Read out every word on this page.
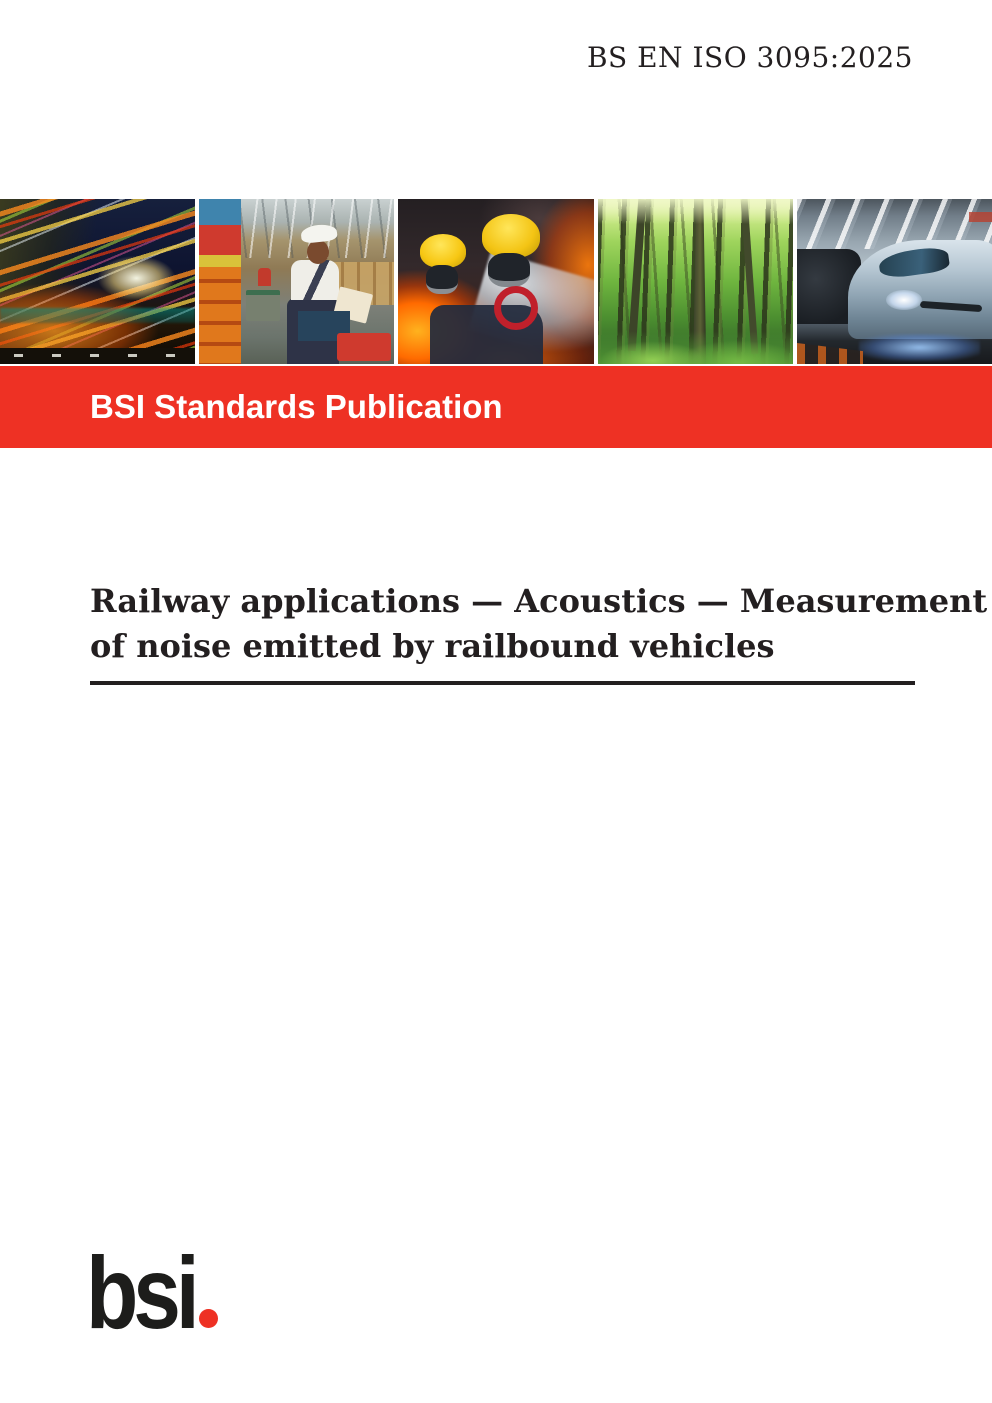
BS EN ISO 3095:2025
BSI Standards Publication
Railway applications — Acoustics — Measurement
of noise emitted by railbound vehicles
bsi
